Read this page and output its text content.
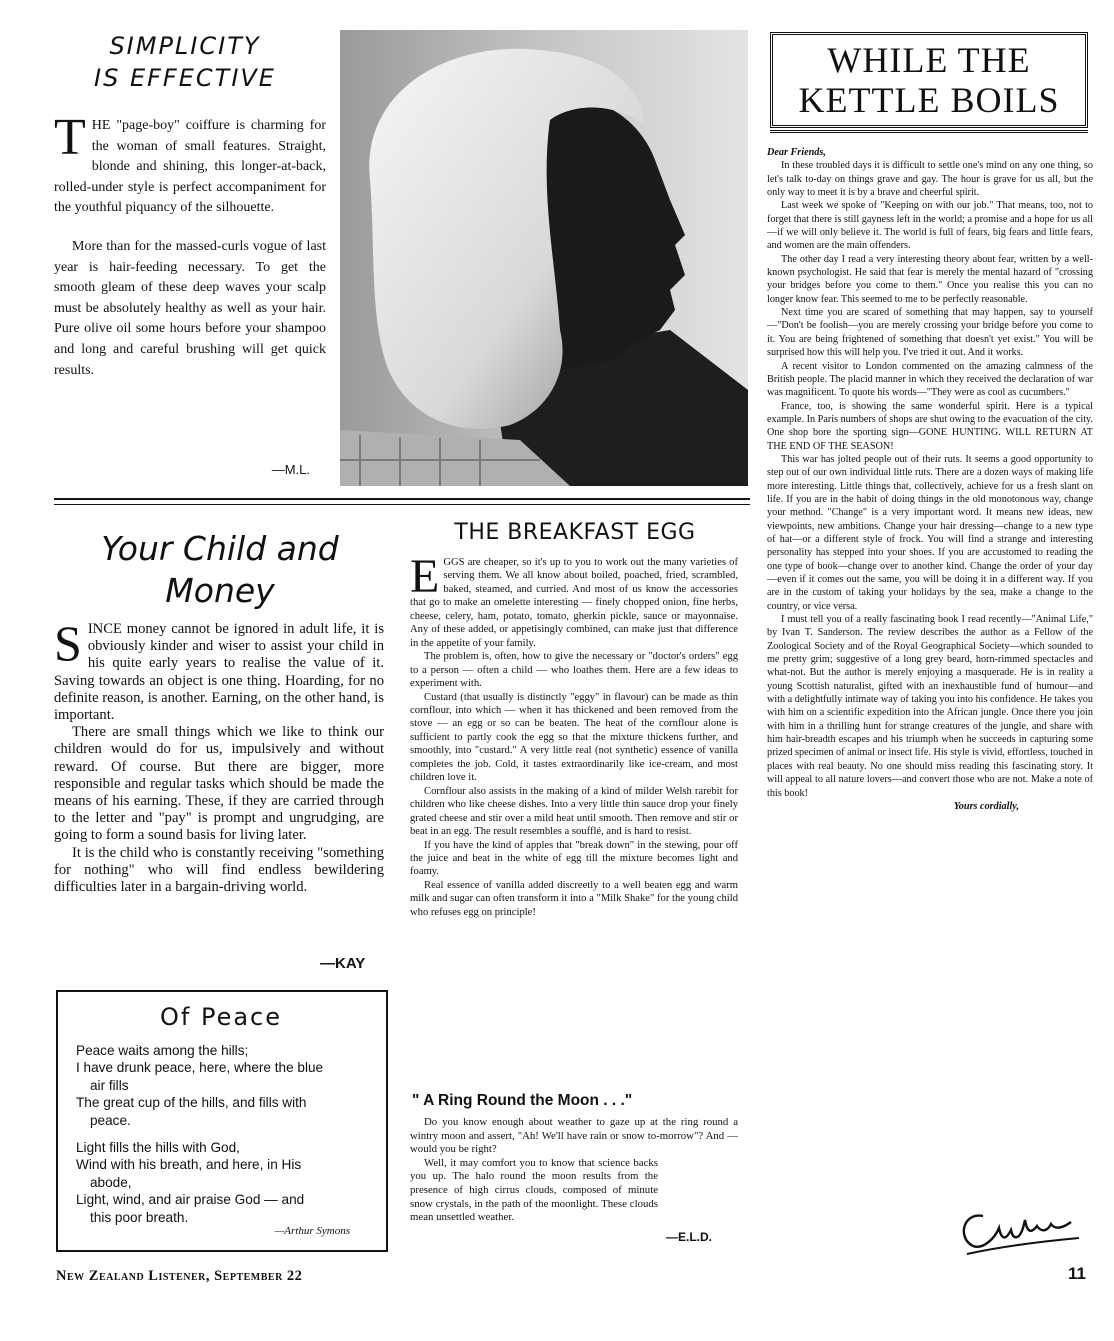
SIMPLICITY
IS EFFECTIVE

THE "page-boy" coiffure is charming for the woman of small features. Straight, blonde and shining, this longer-at-back, rolled-under style is perfect accompaniment for the youthful piquancy of the silhouette.

More than for the massed-curls vogue of last year is hair-feeding necessary. To get the smooth gleam of these deep waves your scalp must be absolutely healthy as well as your hair. Pure olive oil some hours before your shampoo and long and careful brushing will get quick results.

—M.L.
WHILE THE
KETTLE BOILS

Dear Friends,

In these troubled days it is difficult to settle one's mind on any one thing, so let's talk to-day on things grave and gay. The hour is grave for us all, but the only way to meet it is by a brave and cheerful spirit.

Last week we spoke of "Keeping on with our job." That means, too, not to forget that there is still gayness left in the world; a promise and a hope for us all—if we will only believe it. The world is full of fears, big fears and little fears, and women are the main offenders.

The other day I read a very interesting theory about fear, written by a well-known psychologist. He said that fear is merely the mental hazard of "crossing your bridges before you come to them." Once you realise this you can no longer know fear. This seemed to me to be perfectly reasonable.

Next time you are scared of something that may happen, say to yourself—"Don't be foolish—you are merely crossing your bridge before you come to it. You are being frightened of something that doesn't yet exist." You will be surprised how this will help you. I've tried it out. And it works.

A recent visitor to London commented on the amazing calmness of the British people. The placid manner in which they received the declaration of war was magnificent. To quote his words—"They were as cool as cucumbers."

France, too, is showing the same wonderful spirit. Here is a typical example. In Paris numbers of shops are shut owing to the evacuation of the city. One shop bore the sporting sign—GONE HUNTING. WILL RETURN AT THE END OF THE SEASON!

This war has jolted people out of their ruts. It seems a good opportunity to step out of our own individual little ruts. There are a dozen ways of making life more interesting. Little things that, collectively, achieve for us a fresh slant on life. If you are in the habit of doing things in the old monotonous way, change your method. "Change" is a very important word. It means new ideas, new viewpoints, new ambitions. Change your hair dressing—change to a new type of hat—or a different style of frock. You will find a strange and interesting personality has stepped into your shoes. If you are accustomed to reading the one type of book—change over to another kind. Change the order of your day—even if it comes out the same, you will be doing it in a different way. If you are in the custom of taking your holidays by the sea, make a change to the country, or vice versa.

I must tell you of a really fascinating book I read recently—"Animal Life," by Ivan T. Sanderson. The review describes the author as a Fellow of the Zoological Society and of the Royal Geographical Society—which sounded to me pretty grim; suggestive of a long grey beard, horn-rimmed spectacles and what-not. But the author is merely enjoying a masquerade. He is in reality a young Scottish naturalist, gifted with an inexhaustible fund of humour—and with a delightfully intimate way of taking you into his confidence. He takes you with him on a scientific expedition into the African jungle. Once there you join with him in a thrilling hunt for strange creatures of the jungle, and share with him hair-breadth escapes and his triumph when he succeeds in capturing some prized specimen of animal or insect life. His style is vivid, effortless, touched in places with real beauty. No one should miss reading this fascinating story. It will appeal to all nature lovers—and convert those who are not. Make a note of this book!

Yours cordially,

Cynthia
Your Child and
Money

SINCE money cannot be ignored in adult life, it is obviously kinder and wiser to assist your child in his quite early years to realise the value of it. Saving towards an object is one thing. Hoarding, for no definite reason, is another. Earning, on the other hand, is important.

There are small things which we like to think our children would do for us, impulsively and without reward. Of course. But there are bigger, more responsible and regular tasks which should be made the means of his earning. These, if they are carried through to the letter and "pay" is prompt and ungrudging, are going to form a sound basis for living later.

It is the child who is constantly receiving "something for nothing" who will find endless bewildering difficulties later in a bargain-driving world.

—KAY
Of Peace
Peace waits among the hills;
I have drunk peace, here, where the blue
air fills
The great cup of the hills, and fills with
peace.
Light fills the hills with God,
Wind with his breath, and here, in His
abode,
Light, wind, and air praise God — and
this poor breath.
—Arthur Symons
THE BREAKFAST EGG

EGGS are cheaper, so it's up to you to work out the many varieties of serving them. We all know about boiled, poached, fried, scrambled, baked, steamed, and curried. And most of us know the accessories that go to make an omelette interesting — finely chopped onion, fine herbs, cheese, celery, ham, potato, tomato, gherkin pickle, sauce or mayonnaise. Any of these added, or appetisingly combined, can make just that difference in the appetite of your family.

The problem is, often, how to give the necessary or "doctor's orders" egg to a person — often a child — who loathes them. Here are a few ideas to experiment with.

Custard (that usually is distinctly "eggy" in flavour) can be made as thin cornflour, into which — when it has thickened and been removed from the stove — an egg or so can be beaten. The heat of the cornflour alone is sufficient to partly cook the egg so that the mixture thickens further, and smoothly, into "custard." A very little real (not synthetic) essence of vanilla completes the job. Cold, it tastes extraordinarily like ice-cream, and most children love it.

Cornflour also assists in the making of a kind of milder Welsh rarebit for children who like cheese dishes. Into a very little thin sauce drop your finely grated cheese and stir over a mild heat until smooth. Then remove and stir or beat in an egg. The result resembles a soufflé, and is hard to resist.

If you have the kind of apples that "break down" in the stewing, pour off the juice and beat in the white of egg till the mixture becomes light and foamy.

Real essence of vanilla added discreetly to a well beaten egg and warm milk and sugar can often transform it into a "Milk Shake" for the young child who refuses egg on principle!

" A Ring Round the Moon . . ."

Do you know enough about weather to gaze up at the ring round a wintry moon and assert, "Ah! We'll have rain or snow to-morrow"? And — would you be right?

Well, it may comfort you to know that science backs you up. The halo round the moon results from the presence of high cirrus clouds, composed of minute snow crystals, in the path of the moonlight. These clouds mean unsettled weather.

—E.L.D.
New Zealand Listener, September 22	11
